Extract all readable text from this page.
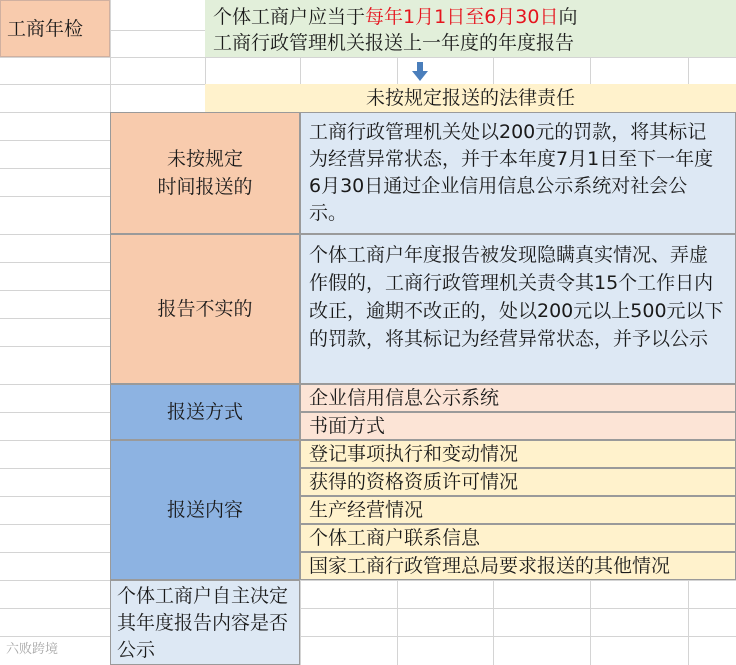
工商年检
个体工商户应当于每年1月1日至6月30日向
工商行政管理机关报送上一年度的年度报告
未按规定报送的法律责任
未按规定
时间报送的
工商行政管理机关处以200元的罚款，将其标记为经营异常状态，并于本年度7月1日至下一年度6月30日通过企业信用信息公示系统对社会公示。
报告不实的
个体工商户年度报告被发现隐瞒真实情况、弄虚作假的，工商行政管理机关责令其15个工作日内改正，逾期不改正的，处以200元以上500元以下的罚款，将其标记为经营异常状态，并予以公示
报送方式
企业信用信息公示系统
书面方式
报送内容
登记事项执行和变动情况
获得的资格资质许可情况
生产经营情况
个体工商户联系信息
国家工商行政管理总局要求报送的其他情况
个体工商户自主决定其年度报告内容是否公示
六败跨境
